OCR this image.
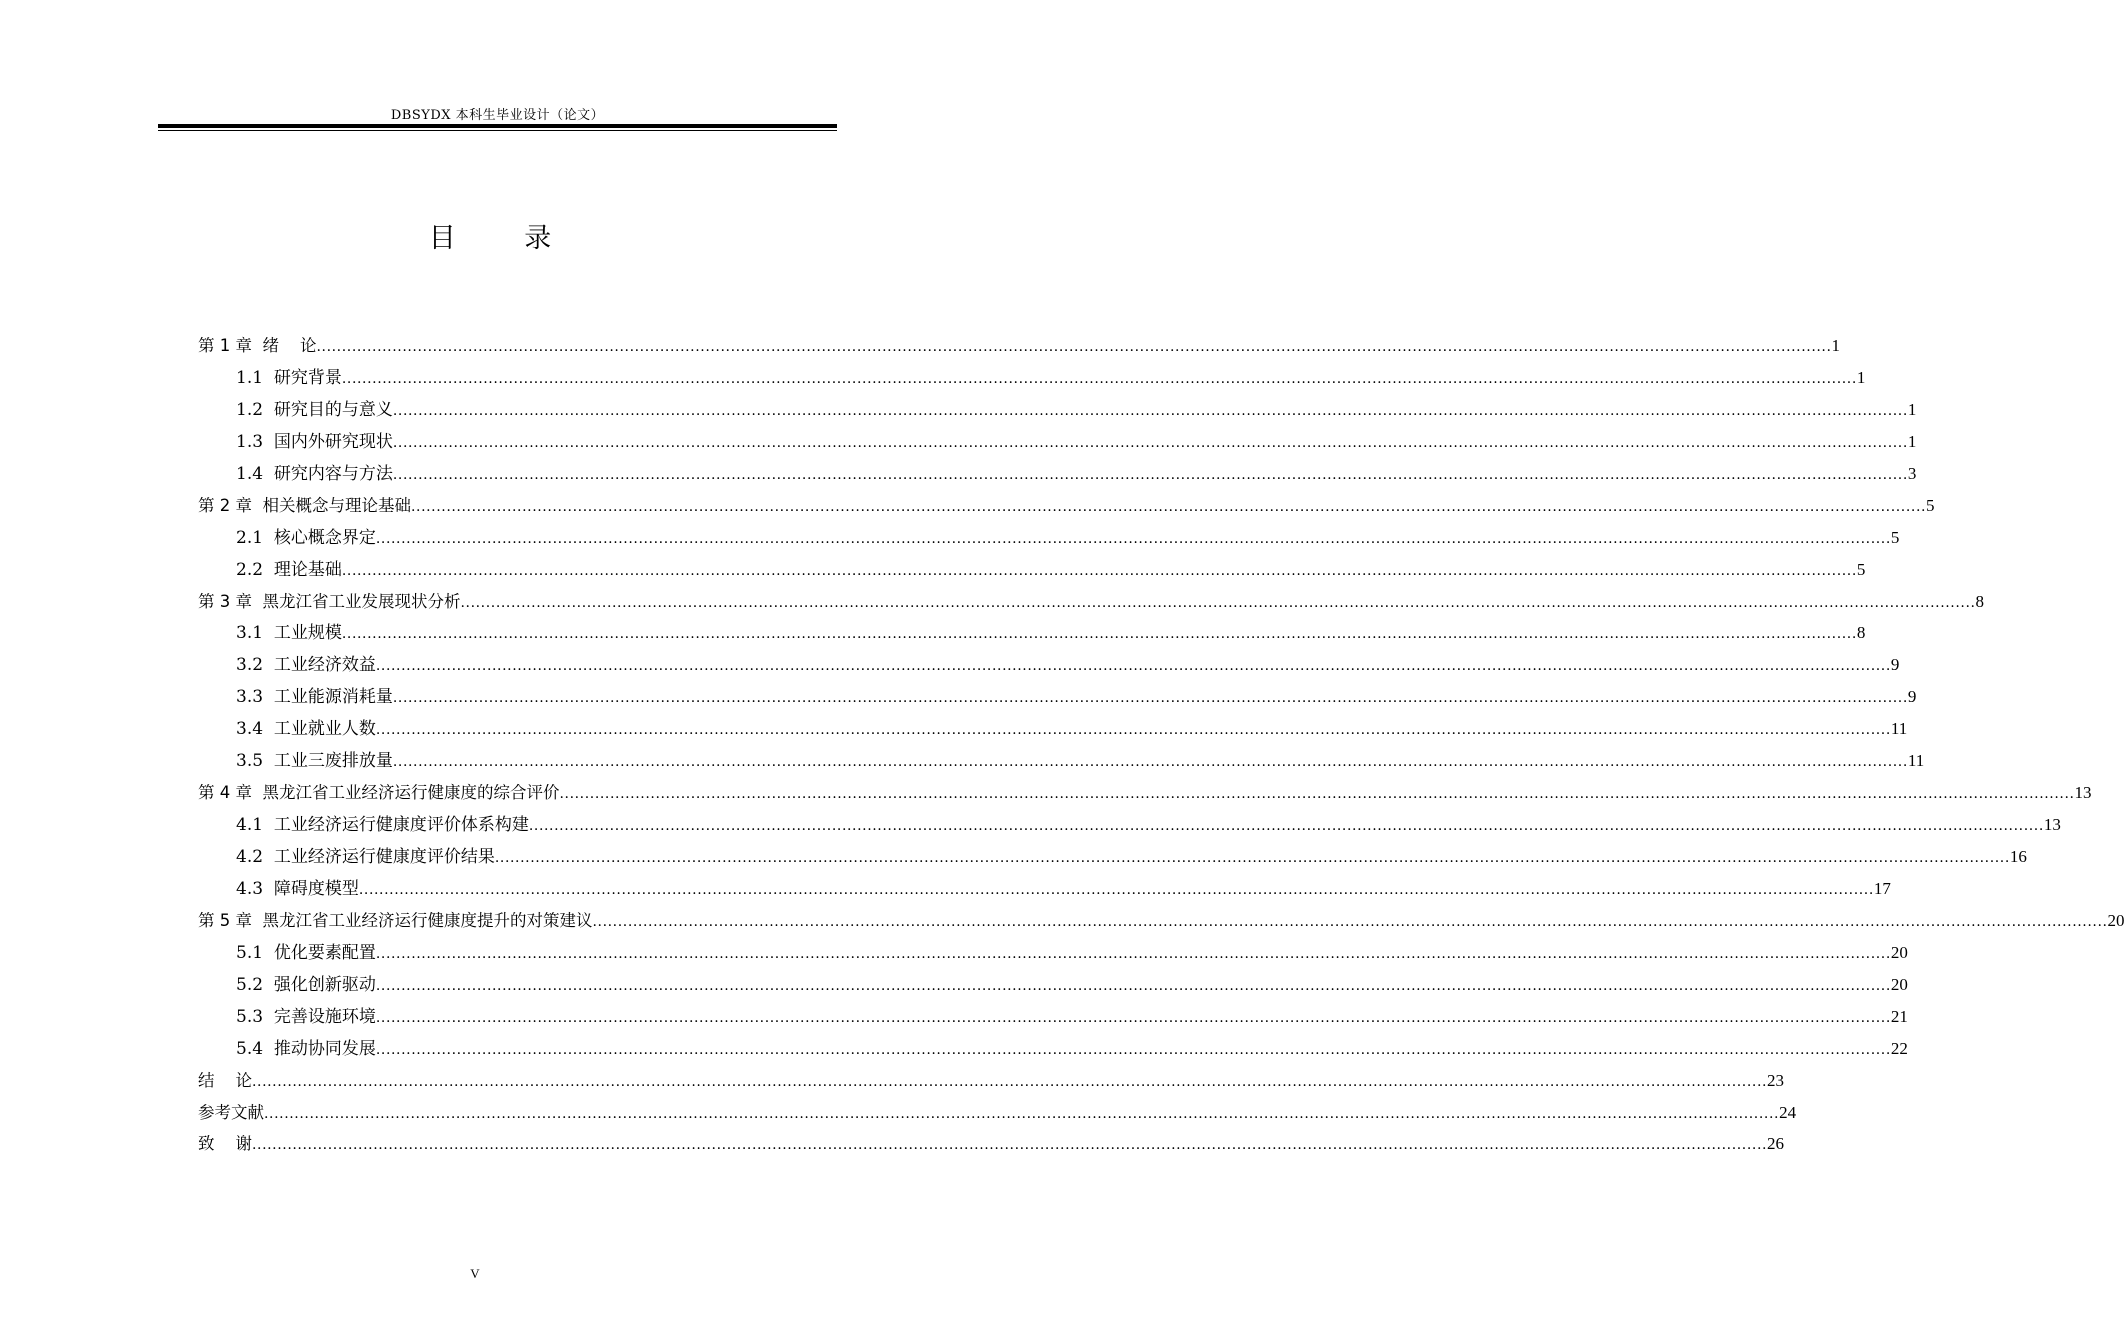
DBSYDX 本科生毕业设计（论文）
目 录
第 1 章  绪    论 ............................................................................................................................................................................................................................................................................................................ 1
1.1  研究背景 ............................................................................................................................................................................................................................................................................................................ 1
1.2  研究目的与意义 ............................................................................................................................................................................................................................................................................................................ 1
1.3  国内外研究现状 ............................................................................................................................................................................................................................................................................................................ 1
1.4  研究内容与方法 ............................................................................................................................................................................................................................................................................................................ 3
第 2 章  相关概念与理论基础 ............................................................................................................................................................................................................................................................................................................ 5
2.1  核心概念界定 ............................................................................................................................................................................................................................................................................................................ 5
2.2  理论基础 ............................................................................................................................................................................................................................................................................................................ 5
第 3 章  黑龙江省工业发展现状分析 ............................................................................................................................................................................................................................................................................................................ 8
3.1  工业规模 ............................................................................................................................................................................................................................................................................................................ 8
3.2  工业经济效益 ............................................................................................................................................................................................................................................................................................................ 9
3.3  工业能源消耗量 ............................................................................................................................................................................................................................................................................................................ 9
3.4  工业就业人数 ............................................................................................................................................................................................................................................................................................................ 11
3.5  工业三废排放量 ............................................................................................................................................................................................................................................................................................................ 11
第 4 章  黑龙江省工业经济运行健康度的综合评价 ............................................................................................................................................................................................................................................................................................................ 13
4.1  工业经济运行健康度评价体系构建 ............................................................................................................................................................................................................................................................................................................ 13
4.2  工业经济运行健康度评价结果 ............................................................................................................................................................................................................................................................................................................ 16
4.3  障碍度模型 ............................................................................................................................................................................................................................................................................................................ 17
第 5 章  黑龙江省工业经济运行健康度提升的对策建议 ............................................................................................................................................................................................................................................................................................................ 20
5.1  优化要素配置 ............................................................................................................................................................................................................................................................................................................ 20
5.2  强化创新驱动 ............................................................................................................................................................................................................................................................................................................ 20
5.3  完善设施环境 ............................................................................................................................................................................................................................................................................................................ 21
5.4  推动协同发展 ............................................................................................................................................................................................................................................................................................................ 22
结    论 ............................................................................................................................................................................................................................................................................................................ 23
参考文献 ............................................................................................................................................................................................................................................................................................................ 24
致    谢 ............................................................................................................................................................................................................................................................................................................ 26
V
